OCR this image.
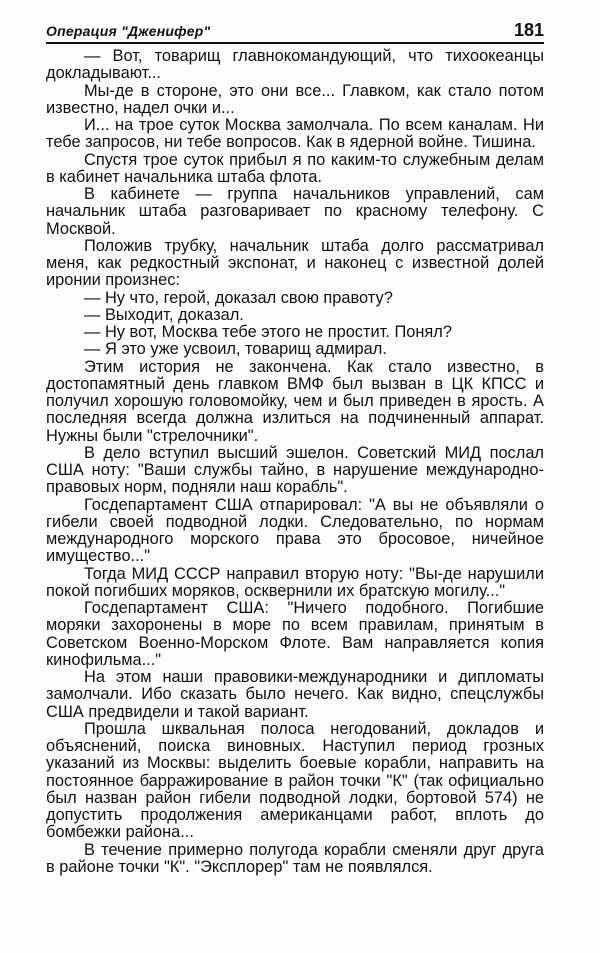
Операция "Дженифер"	181

— Вот, товарищ главнокомандующий, что тихоокеанцы докладывают...

Мы-де в стороне, это они все... Главком, как стало потом известно, надел очки и...

И... на трое суток Москва замолчала. По всем каналам. Ни тебе запросов, ни тебе вопросов. Как в ядерной войне. Тишина.

Спустя трое суток прибыл я по каким-то служебным делам в кабинет начальника штаба флота.

В кабинете — группа начальников управлений, сам начальник штаба разговаривает по красному телефону. С Москвой.

Положив трубку, начальник штаба долго рассматривал меня, как редкостный экспонат, и наконец с известной долей иронии произнес:

— Ну что, герой, доказал свою правоту?

— Выходит, доказал.

— Ну вот, Москва тебе этого не простит. Понял?

— Я это уже усвоил, товарищ адмирал.

Этим история не закончена. Как стало известно, в достопамятный день главком ВМФ был вызван в ЦК КПСС и получил хорошую головомойку, чем и был приведен в ярость. А последняя всегда должна излиться на подчиненный аппарат. Нужны были "стрелочники".

В дело вступил высший эшелон. Советский МИД послал США ноту: "Ваши службы тайно, в нарушение международно-правовых норм, подняли наш корабль".

Госдепартамент США отпарировал: "А вы не объявляли о гибели своей подводной лодки. Следовательно, по нормам международного морского права это бросовое, ничейное имущество..."

Тогда МИД СССР направил вторую ноту: "Вы-де нарушили покой погибших моряков, осквернили их братскую могилу..."

Госдепартамент США: "Ничего подобного. Погибшие моряки захоронены в море по всем правилам, принятым в Советском Военно-Морском Флоте. Вам направляется копия кинофильма..."

На этом наши правовики-международники и дипломаты замолчали. Ибо сказать было нечего. Как видно, спецслужбы США предвидели и такой вариант.

Прошла шквальная полоса негодований, докладов и объяснений, поиска виновных. Наступил период грозных указаний из Москвы: выделить боевые корабли, направить на постоянное барражирование в район точки "К" (так официально был назван район гибели подводной лодки, бортовой 574) не допустить продолжения американцами работ, вплоть до бомбежки района...

В течение примерно полугода корабли сменяли друг друга в районе точки "К". "Эксплорер" там не появлялся.
